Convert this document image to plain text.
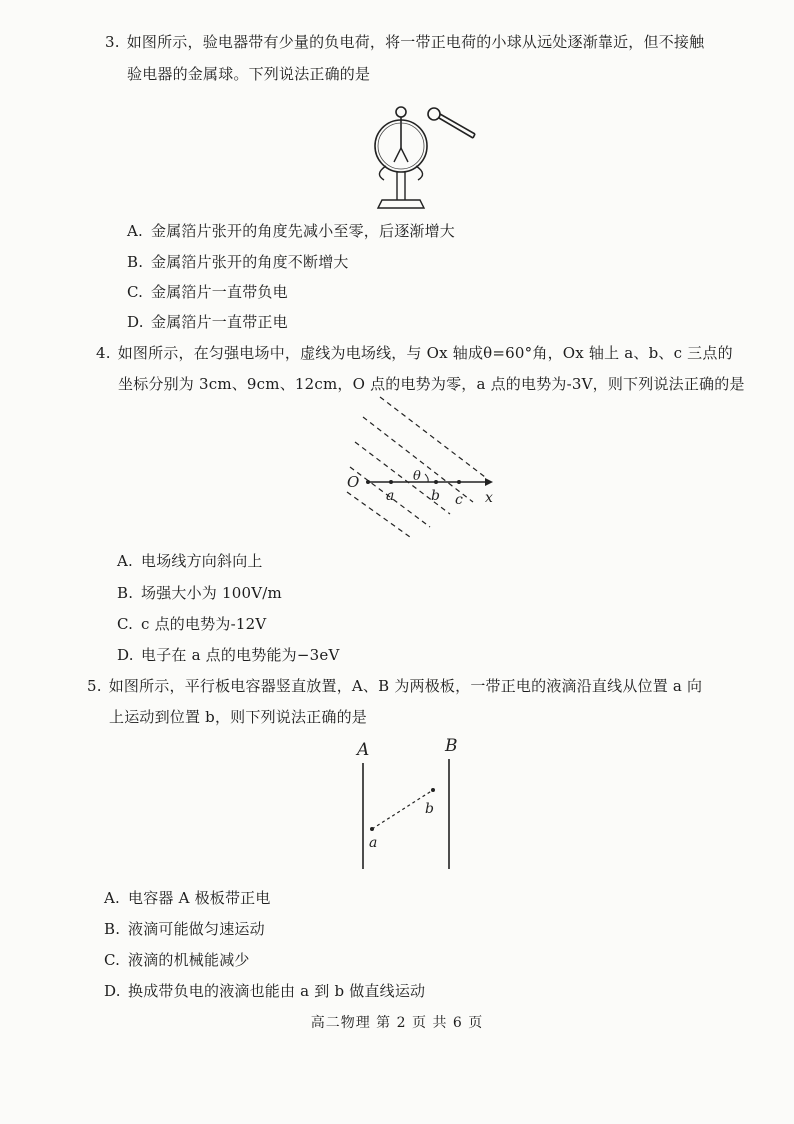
3. 如图所示，验电器带有少量的负电荷，将一带正电荷的小球从远处逐渐靠近，但不接触
验电器的金属球。下列说法正确的是
A. 金属箔片张开的角度先减小至零，后逐渐增大
B. 金属箔片张开的角度不断增大
C. 金属箔片一直带负电
D. 金属箔片一直带正电
4. 如图所示，在匀强电场中，虚线为电场线，与 Ox 轴成θ=60°角，Ox 轴上 a、b、c 三点的
坐标分别为 3cm、9cm、12cm，O 点的电势为零，a 点的电势为-3V，则下列说法正确的是
O
a	b c x
θ
A. 电场线方向斜向上
B. 场强大小为 100V/m
C. c 点的电势为-12V
D. 电子在 a 点的电势能为−3eV
5. 如图所示，平行板电容器竖直放置，A、B 为两极板，一带正电的液滴沿直线从位置 a 向
上运动到位置 b，则下列说法正确的是
A	B
a
b
A. 电容器 A 极板带正电
B. 液滴可能做匀速运动
C. 液滴的机械能减少
D. 换成带负电的液滴也能由 a 到 b 做直线运动
高二物理 第 2 页 共 6 页
